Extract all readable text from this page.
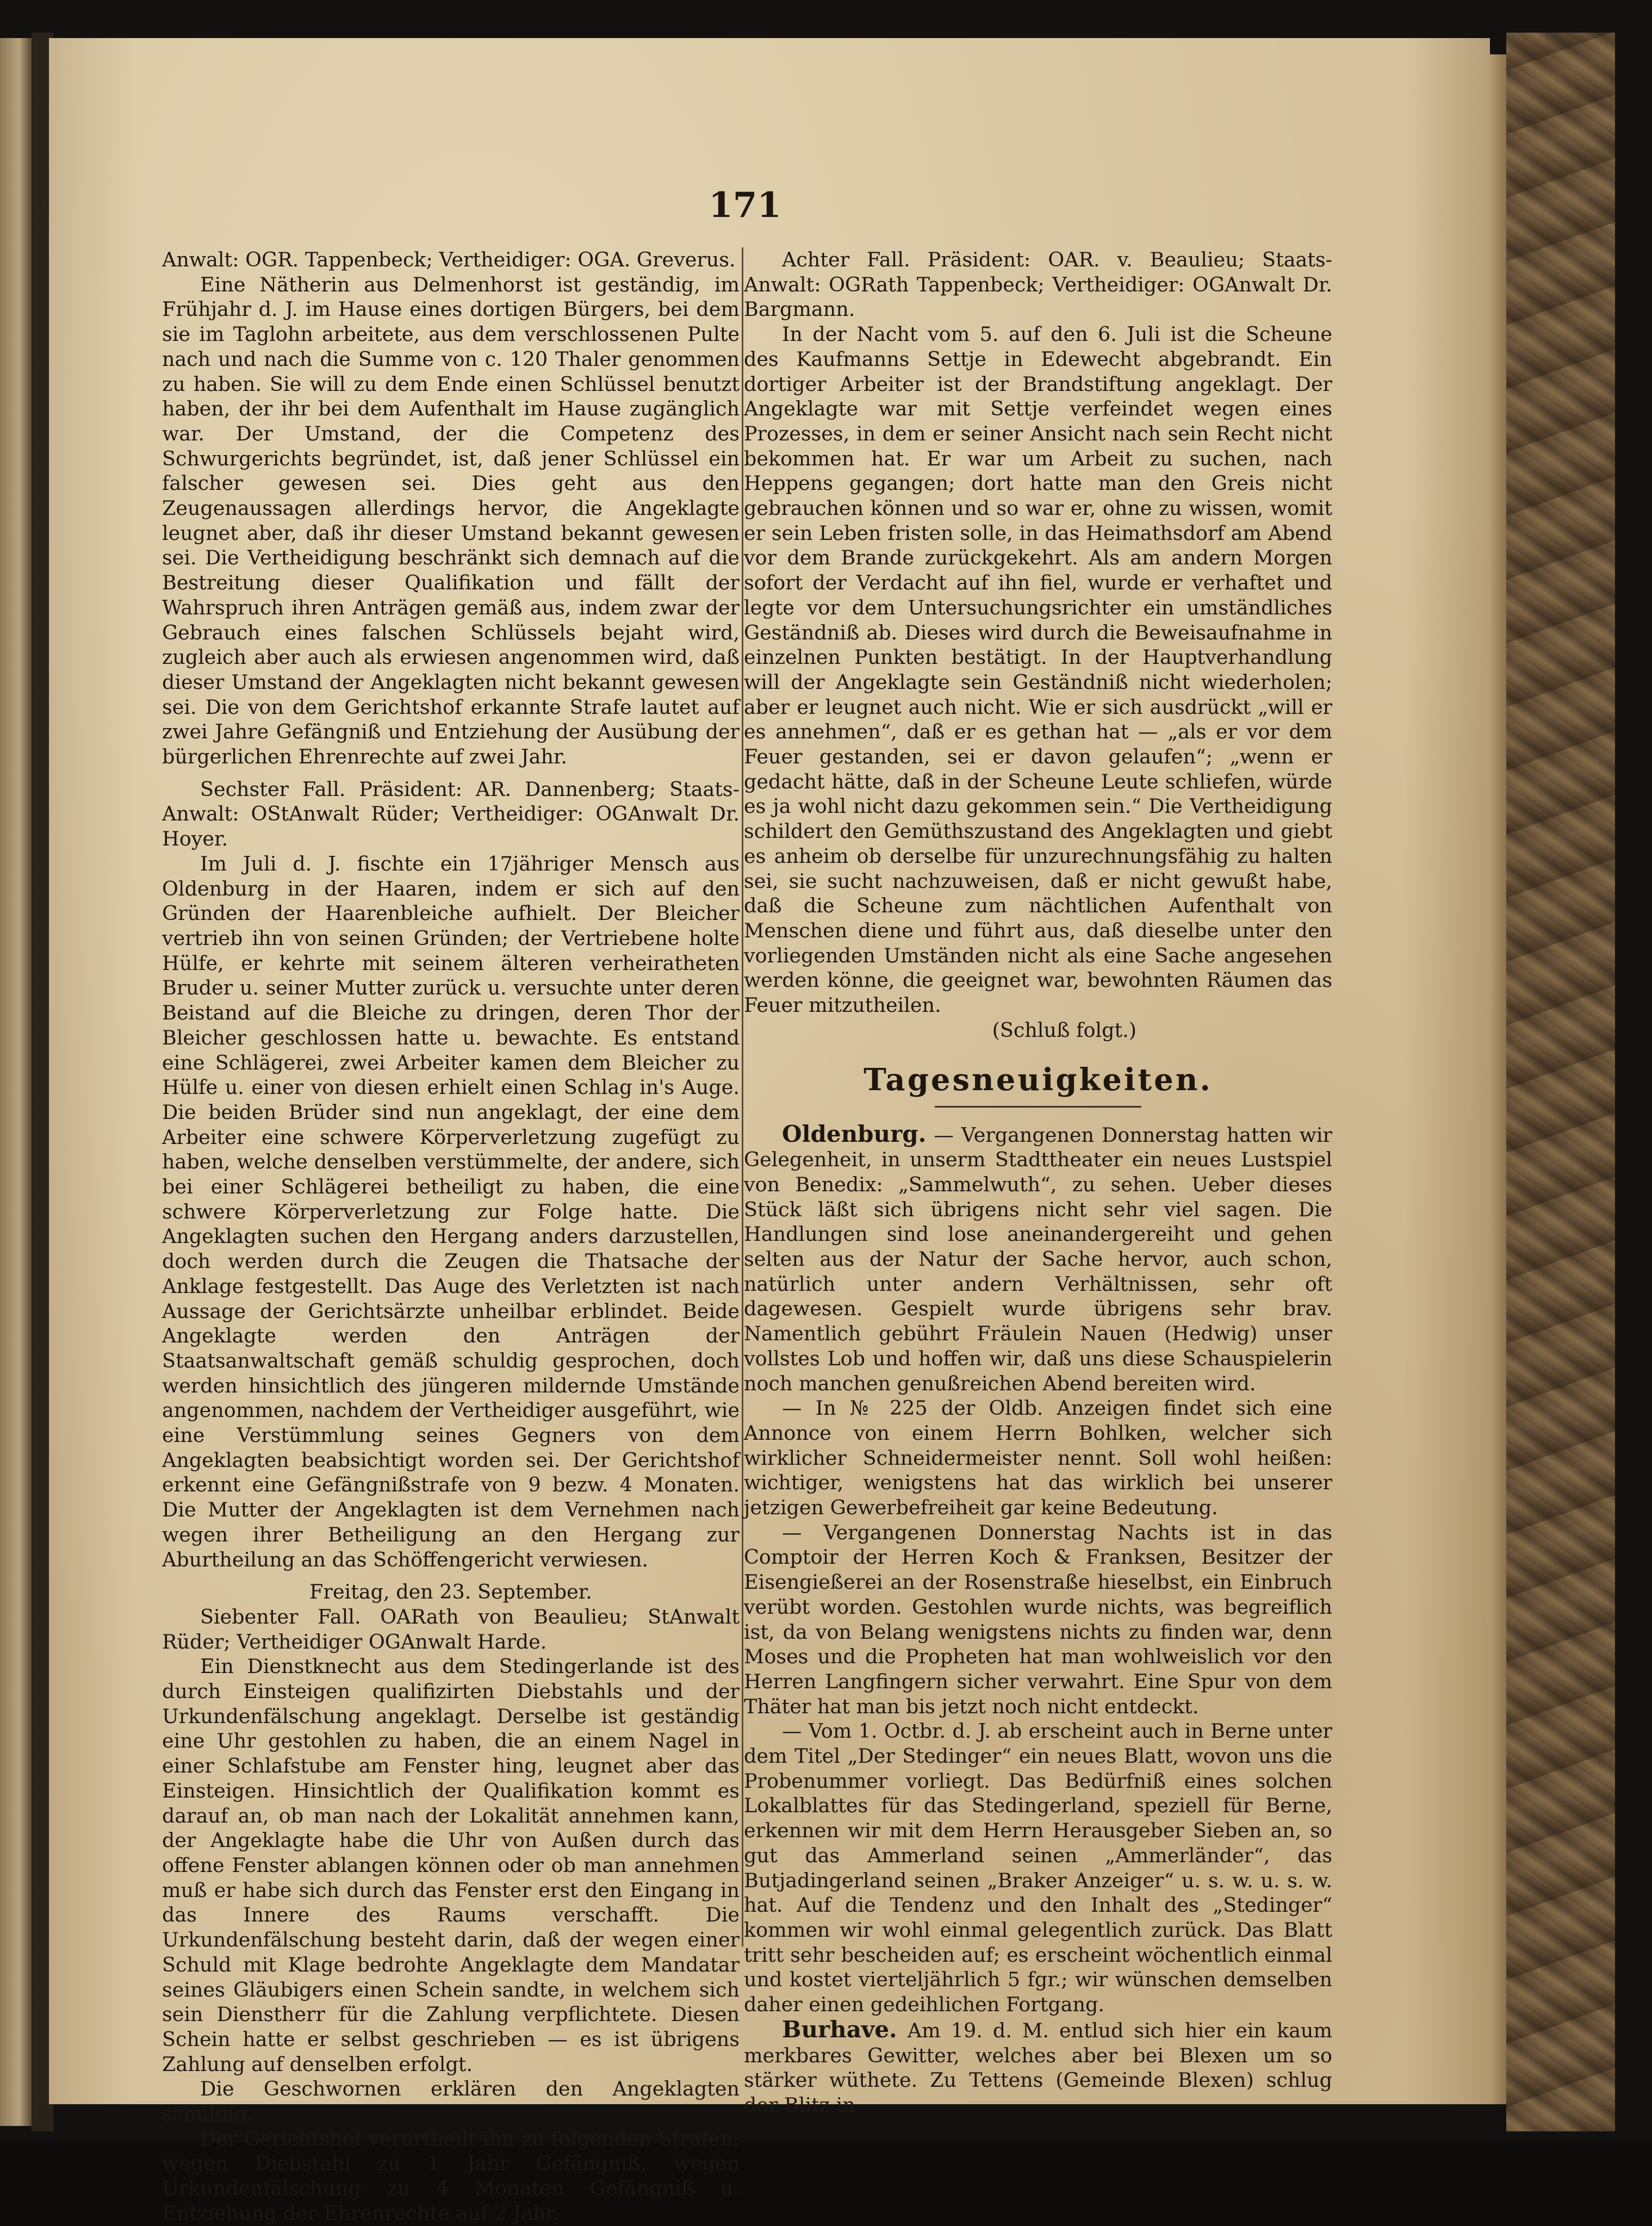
171

Anwalt: OGR. Tappenbeck; Vertheidiger: OGA. Greverus.

Eine Nätherin aus Delmenhorst ist geständig, im Frühjahr d. J. im Hause eines dortigen Bürgers, bei dem sie im Taglohn arbeitete, aus dem verschlossenen Pulte nach und nach die Summe von c. 120 Thaler genommen zu haben. Sie will zu dem Ende einen Schlüssel benutzt haben, der ihr bei dem Aufenthalt im Hause zugänglich war. Der Umstand, der die Competenz des Schwurgerichts begründet, ist, daß jener Schlüssel ein falscher gewesen sei. Dies geht aus den Zeugenaussagen allerdings hervor, die Angeklagte leugnet aber, daß ihr dieser Umstand bekannt gewesen sei. Die Vertheidigung beschränkt sich demnach auf die Bestreitung dieser Qualifikation und fällt der Wahrspruch ihren Anträgen gemäß aus, indem zwar der Gebrauch eines falschen Schlüssels bejaht wird, zugleich aber auch als erwiesen angenommen wird, daß dieser Umstand der Angeklagten nicht bekannt gewesen sei. Die von dem Gerichtshof erkannte Strafe lautet auf zwei Jahre Gefängniß und Entziehung der Ausübung der bürgerlichen Ehrenrechte auf zwei Jahr.

Sechster Fall. Präsident: AR. Dannenberg; Staats-Anwalt: OStAnwalt Rüder; Vertheidiger: OGAnwalt Dr. Hoyer.

Im Juli d. J. fischte ein 17jähriger Mensch aus Oldenburg in der Haaren, indem er sich auf den Gründen der Haarenbleiche aufhielt. Der Bleicher vertrieb ihn von seinen Gründen; der Vertriebene holte Hülfe, er kehrte mit seinem älteren verheiratheten Bruder u. seiner Mutter zurück u. versuchte unter deren Beistand auf die Bleiche zu dringen, deren Thor der Bleicher geschlossen hatte u. bewachte. Es entstand eine Schlägerei, zwei Arbeiter kamen dem Bleicher zu Hülfe u. einer von diesen erhielt einen Schlag in's Auge. Die beiden Brüder sind nun angeklagt, der eine dem Arbeiter eine schwere Körperverletzung zugefügt zu haben, welche denselben verstümmelte, der andere, sich bei einer Schlägerei betheiligt zu haben, die eine schwere Körperverletzung zur Folge hatte. Die Angeklagten suchen den Hergang anders darzustellen, doch werden durch die Zeugen die Thatsache der Anklage festgestellt. Das Auge des Verletzten ist nach Aussage der Gerichtsärzte unheilbar erblindet. Beide Angeklagte werden den Anträgen der Staatsanwaltschaft gemäß schuldig gesprochen, doch werden hinsichtlich des jüngeren mildernde Umstände angenommen, nachdem der Vertheidiger ausgeführt, wie eine Verstümmlung seines Gegners von dem Angeklagten beabsichtigt worden sei. Der Gerichtshof erkennt eine Gefängnißstrafe von 9 bezw. 4 Monaten. Die Mutter der Angeklagten ist dem Vernehmen nach wegen ihrer Betheiligung an den Hergang zur Aburtheilung an das Schöffengericht verwiesen.

Freitag, den 23. September.

Siebenter Fall. OARath von Beaulieu; StAnwalt Rüder; Vertheidiger OGAnwalt Harde.

Ein Dienstknecht aus dem Stedingerlande ist des durch Einsteigen qualifizirten Diebstahls und der Urkundenfälschung angeklagt. Derselbe ist geständig eine Uhr gestohlen zu haben, die an einem Nagel in einer Schlafstube am Fenster hing, leugnet aber das Einsteigen. Hinsichtlich der Qualifikation kommt es darauf an, ob man nach der Lokalität annehmen kann, der Angeklagte habe die Uhr von Außen durch das offene Fenster ablangen können oder ob man annehmen muß er habe sich durch das Fenster erst den Eingang in das Innere des Raums verschafft. Die Urkundenfälschung besteht darin, daß der wegen einer Schuld mit Klage bedrohte Angeklagte dem Mandatar seines Gläubigers einen Schein sandte, in welchem sich sein Dienstherr für die Zahlung verpflichtete. Diesen Schein hatte er selbst geschrieben — es ist übrigens Zahlung auf denselben erfolgt.

Die Geschwornen erklären den Angeklagten schuldig.

Der Gerichtshof verurtheilt ihn zu folgenden Strafen: wegen Diebstahl zu 1 Jahr Gefängniß, wegen Urkundenfälschung zu 4 Monaten Gefängniß u. Entziehung der Ehrenrechte auf 2 Jahr.

Achter Fall. Präsident: OAR. v. Beaulieu; Staats-Anwalt: OGRath Tappenbeck; Vertheidiger: OGAnwalt Dr. Bargmann.

In der Nacht vom 5. auf den 6. Juli ist die Scheune des Kaufmanns Settje in Edewecht abgebrandt. Ein dortiger Arbeiter ist der Brandstiftung angeklagt. Der Angeklagte war mit Settje verfeindet wegen eines Prozesses, in dem er seiner Ansicht nach sein Recht nicht bekommen hat. Er war um Arbeit zu suchen, nach Heppens gegangen; dort hatte man den Greis nicht gebrauchen können und so war er, ohne zu wissen, womit er sein Leben fristen solle, in das Heimathsdorf am Abend vor dem Brande zurückgekehrt. Als am andern Morgen sofort der Verdacht auf ihn fiel, wurde er verhaftet und legte vor dem Untersuchungsrichter ein umständliches Geständniß ab. Dieses wird durch die Beweisaufnahme in einzelnen Punkten bestätigt. In der Hauptverhandlung will der Angeklagte sein Geständniß nicht wiederholen; aber er leugnet auch nicht. Wie er sich ausdrückt „will er es annehmen“, daß er es gethan hat — „als er vor dem Feuer gestanden, sei er davon gelaufen“; „wenn er gedacht hätte, daß in der Scheune Leute schliefen, würde es ja wohl nicht dazu gekommen sein.“ Die Vertheidigung schildert den Gemüthszustand des Angeklagten und giebt es anheim ob derselbe für unzurechnungsfähig zu halten sei, sie sucht nachzuweisen, daß er nicht gewußt habe, daß die Scheune zum nächtlichen Aufenthalt von Menschen diene und führt aus, daß dieselbe unter den vorliegenden Umständen nicht als eine Sache angesehen werden könne, die geeignet war, bewohnten Räumen das Feuer mitzutheilen.

(Schluß folgt.)

Tagesneuigkeiten.

Oldenburg. — Vergangenen Donnerstag hatten wir Gelegenheit, in unserm Stadttheater ein neues Lustspiel von Benedix: „Sammelwuth“, zu sehen. Ueber dieses Stück läßt sich übrigens nicht sehr viel sagen. Die Handlungen sind lose aneinandergereiht und gehen selten aus der Natur der Sache hervor, auch schon, natürlich unter andern Verhältnissen, sehr oft dagewesen. Gespielt wurde übrigens sehr brav. Namentlich gebührt Fräulein Nauen (Hedwig) unser vollstes Lob und hoffen wir, daß uns diese Schauspielerin noch manchen genußreichen Abend bereiten wird.

— In № 225 der Oldb. Anzeigen findet sich eine Annonce von einem Herrn Bohlken, welcher sich wirklicher Schneidermeister nennt. Soll wohl heißen: wichtiger, wenigstens hat das wirklich bei unserer jetzigen Gewerbefreiheit gar keine Bedeutung.

— Vergangenen Donnerstag Nachts ist in das Comptoir der Herren Koch & Franksen, Besitzer der Eisengießerei an der Rosenstraße hieselbst, ein Einbruch verübt worden. Gestohlen wurde nichts, was begreiflich ist, da von Belang wenigstens nichts zu finden war, denn Moses und die Propheten hat man wohlweislich vor den Herren Langfingern sicher verwahrt. Eine Spur von dem Thäter hat man bis jetzt noch nicht entdeckt.

— Vom 1. Octbr. d. J. ab erscheint auch in Berne unter dem Titel „Der Stedinger“ ein neues Blatt, wovon uns die Probenummer vorliegt. Das Bedürfniß eines solchen Lokalblattes für das Stedingerland, speziell für Berne, erkennen wir mit dem Herrn Herausgeber Sieben an, so gut das Ammerland seinen „Ammerländer“, das Butjadingerland seinen „Braker Anzeiger“ u. s. w. u. s. w. hat. Auf die Tendenz und den Inhalt des „Stedinger“ kommen wir wohl einmal gelegentlich zurück. Das Blatt tritt sehr bescheiden auf; es erscheint wöchentlich einmal und kostet vierteljährlich 5 fgr.; wir wünschen demselben daher einen gedeihlichen Fortgang.

Burhave. Am 19. d. M. entlud sich hier ein kaum merkbares Gewitter, welches aber bei Blexen um so stärker wüthete. Zu Tettens (Gemeinde Blexen) schlug der Blitz in
